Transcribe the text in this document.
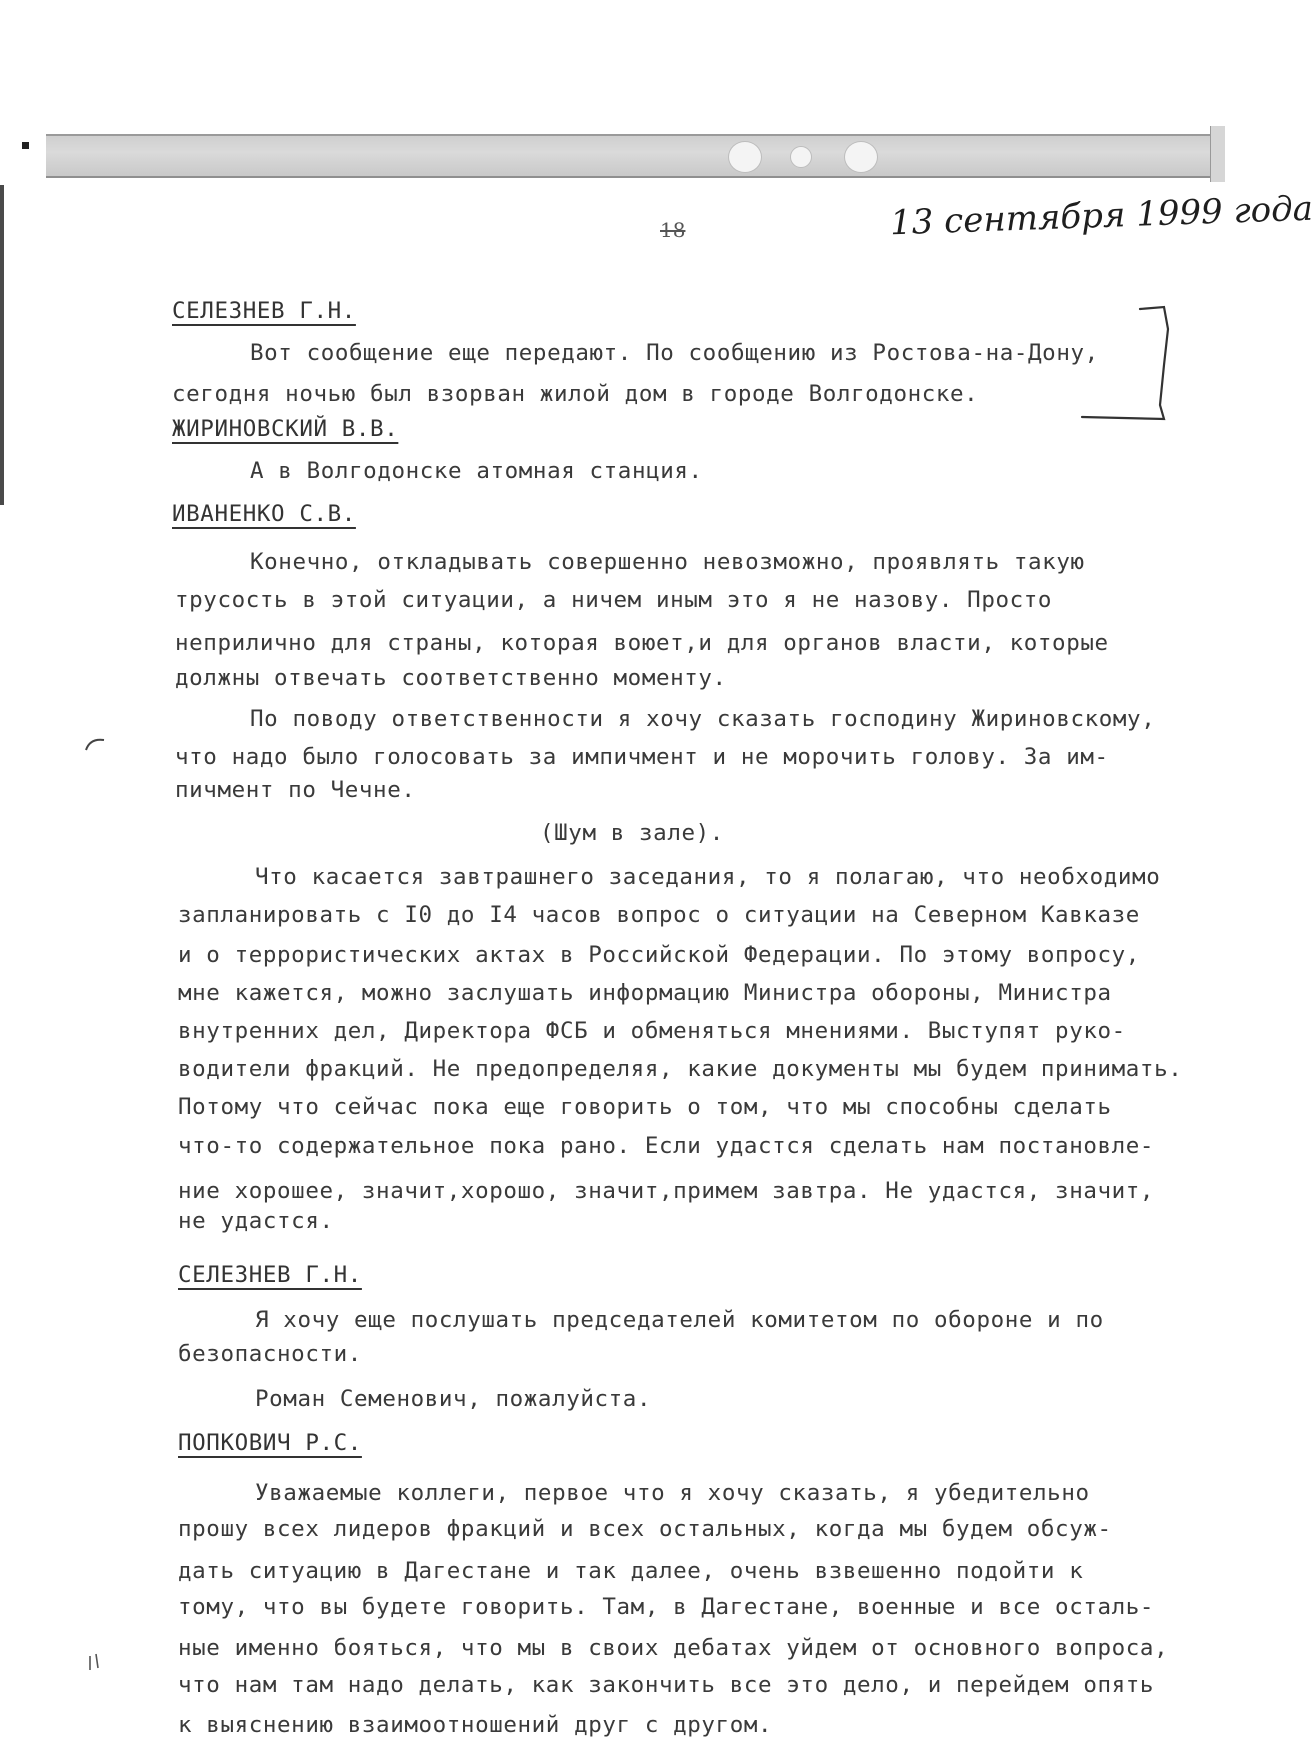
18	13 сентября 1999 года
СЕЛЕЗНЕВ Г.Н.
Вот сообщение еще передают. По сообщению из Ростова-на-Дону,
сегодня ночью был взорван жилой дом в городе Волгодонске.
ЖИРИНОВСКИЙ В.В.
А в Волгодонске атомная станция.
ИВАНЕНКО С.В.
Конечно, откладывать совершенно невозможно, проявлять такую
трусость в этой ситуации, а ничем иным это я не назову. Просто
неприлично для страны, которая воюет,и для органов власти, которые
должны отвечать соответственно моменту.
По поводу ответственности я хочу сказать господину Жириновскому,
что надо было голосовать за импичмент и не морочить голову. За им-
пичмент по Чечне.
(Шум в зале).
Что касается завтрашнего заседания, то я полагаю, что необходимо
запланировать с I0 до I4 часов вопрос о ситуации на Северном Кавказе
и о террористических актах в Российской Федерации. По этому вопросу,
мне кажется, можно заслушать информацию Министра обороны, Министра
внутренних дел, Директора ФСБ и обменяться мнениями. Выступят руко-
водители фракций. Не предопределяя, какие документы мы будем принимать.
Потому что сейчас пока еще говорить о том, что мы способны сделать
что-то содержательное пока рано. Если удастся сделать нам постановле-
ние хорошее, значит,хорошо, значит,примем завтра. Не удастся, значит,
не удастся.
СЕЛЕЗНЕВ Г.Н.
Я хочу еще послушать председателей комитетом по обороне и по
безопасности.
Роман Семенович, пожалуйста.
ПОПКОВИЧ Р.С.
Уважаемые коллеги, первое что я хочу сказать, я убедительно
прошу всех лидеров фракций и всех остальных, когда мы будем обсуж-
дать ситуацию в Дагестане и так далее, очень взвешенно подойти к
тому, что вы будете говорить. Там, в Дагестане, военные и все осталь-
ные именно бояться, что мы в своих дебатах уйдем от основного вопроса,
что нам там надо делать, как закончить все это дело, и перейдем опять
к выяснению взаимоотношений друг с другом.
